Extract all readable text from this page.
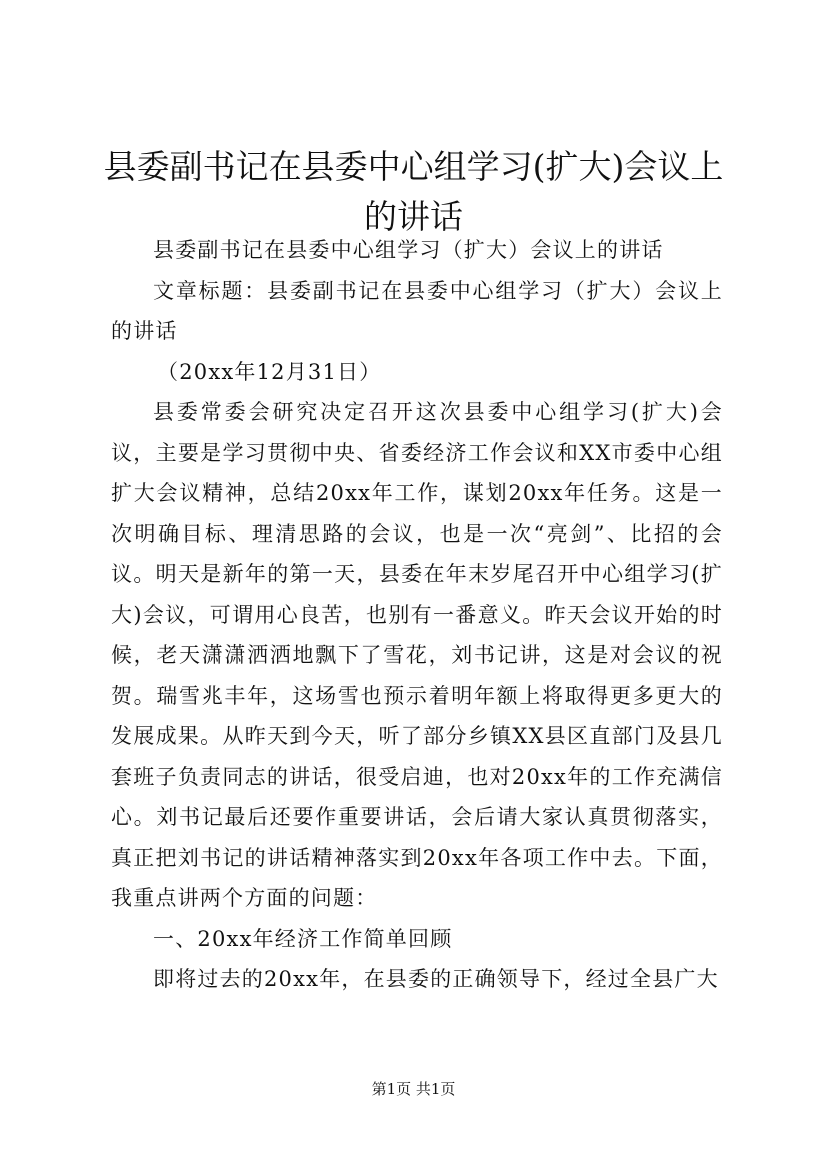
县委副书记在县委中心组学习(扩大)会议上的讲话

县委副书记在县委中心组学习（扩大）会议上的讲话

文章标题：县委副书记在县委中心组学习（扩大）会议上的讲话

（20xx年12月31日）

县委常委会研究决定召开这次县委中心组学习(扩大)会议，主要是学习贯彻中央、省委经济工作会议和XX市委中心组扩大会议精神，总结20xx年工作，谋划20xx年任务。这是一次明确目标、理清思路的会议，也是一次“亮剑”、比招的会议。明天是新年的第一天，县委在年末岁尾召开中心组学习(扩大)会议，可谓用心良苦，也别有一番意义。昨天会议开始的时候，老天潇潇洒洒地飘下了雪花，刘书记讲，这是对会议的祝贺。瑞雪兆丰年，这场雪也预示着明年额上将取得更多更大的发展成果。从昨天到今天，听了部分乡镇XX县区直部门及县几套班子负责同志的讲话，很受启迪，也对20xx年的工作充满信心。刘书记最后还要作重要讲话，会后请大家认真贯彻落实，真正把刘书记的讲话精神落实到20xx年各项工作中去。下面，我重点讲两个方面的问题：

一、20xx年经济工作简单回顾

即将过去的20xx年，在县委的正确领导下，经过全县广大

第1页 共1页
